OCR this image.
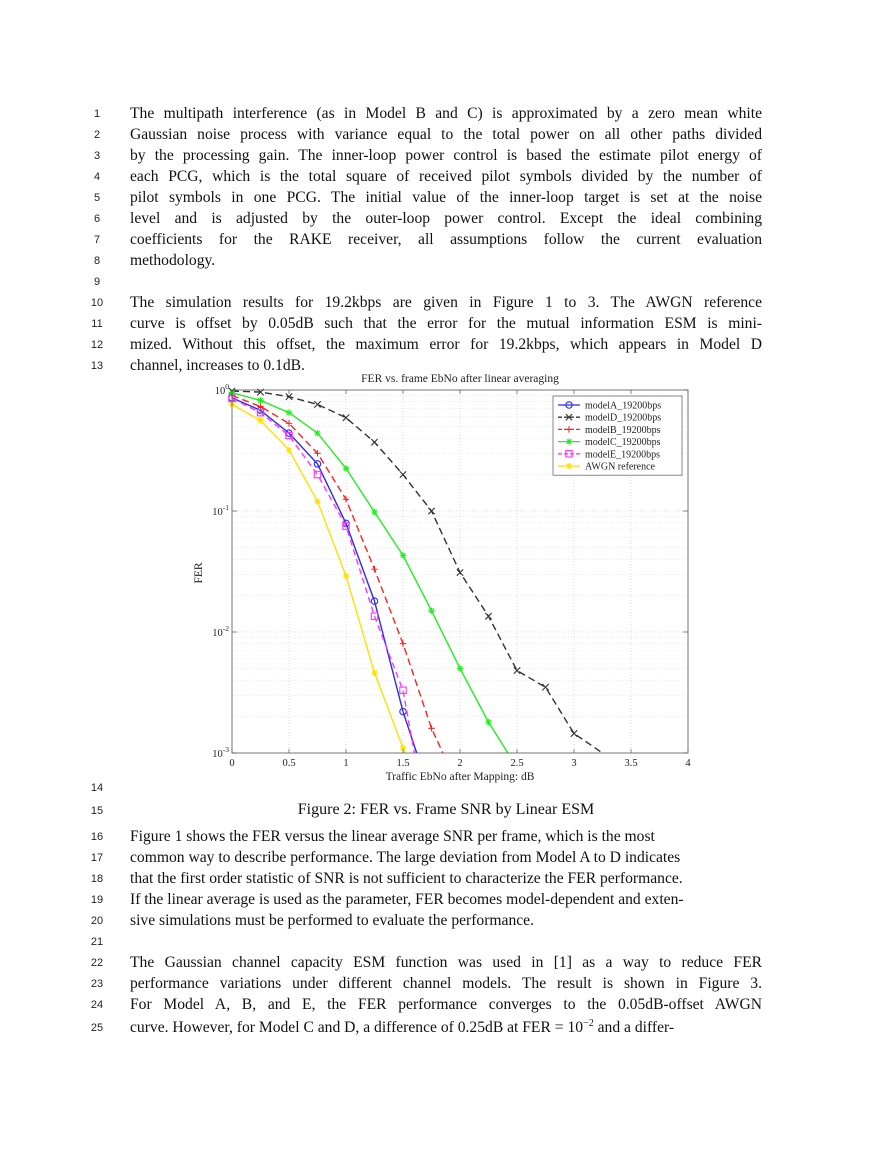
1
2
3
4
5
6
7
8
9
10
11
12
13
14
15
16
17
18
19
20
21
22
23
24
25
The multipath interference (as in Model B and C) is approximated by a zero mean white
Gaussian noise process with variance equal to the total power on all other paths divided
by the processing gain. The inner-loop power control is based the estimate pilot energy of
each PCG, which is the total square of received pilot symbols divided by the number of
pilot symbols in one PCG. The initial value of the inner-loop target is set at the noise
level and is adjusted by the outer-loop power control. Except the ideal combining
coefficients for the RAKE receiver, all assumptions follow the current evaluation
methodology.
The simulation results for 19.2kbps are given in Figure 1 to 3. The AWGN reference
curve is offset by 0.05dB such that the error for the mutual information ESM is mini-
mized. Without this offset, the maximum error for 19.2kbps, which appears in Model D
channel, increases to 0.1dB.
FER vs. frame EbNo after linear averaging
0	0.5	1	1.5	2	2.5	3	3.5	4
$10^0$
$10^{-1}$
$10^{-2}$
$10^{-3}$
Traffic EbNo after Mapping: dB
FER
modelA_19200bps
modelD_19200bps
modelB_19200bps
modelC_19200bps
modelE_19200bps
AWGN reference
Figure 2: FER vs. Frame SNR by Linear ESM
Figure 1 shows the FER versus the linear average SNR per frame, which is the most
common way to describe performance. The large deviation from Model A to D indicates
that the first order statistic of SNR is not sufficient to characterize the FER performance.
If the linear average is used as the parameter, FER becomes model-dependent and exten-
sive simulations must be performed to evaluate the performance.
The Gaussian channel capacity ESM function was used in [1] as a way to reduce FER
performance variations under different channel models. The result is shown in Figure 3.
For Model A, B, and E, the FER performance converges to the 0.05dB-offset AWGN
curve. However, for Model C and D, a difference of 0.25dB at FER = $10^{-2}$ and a differ-
